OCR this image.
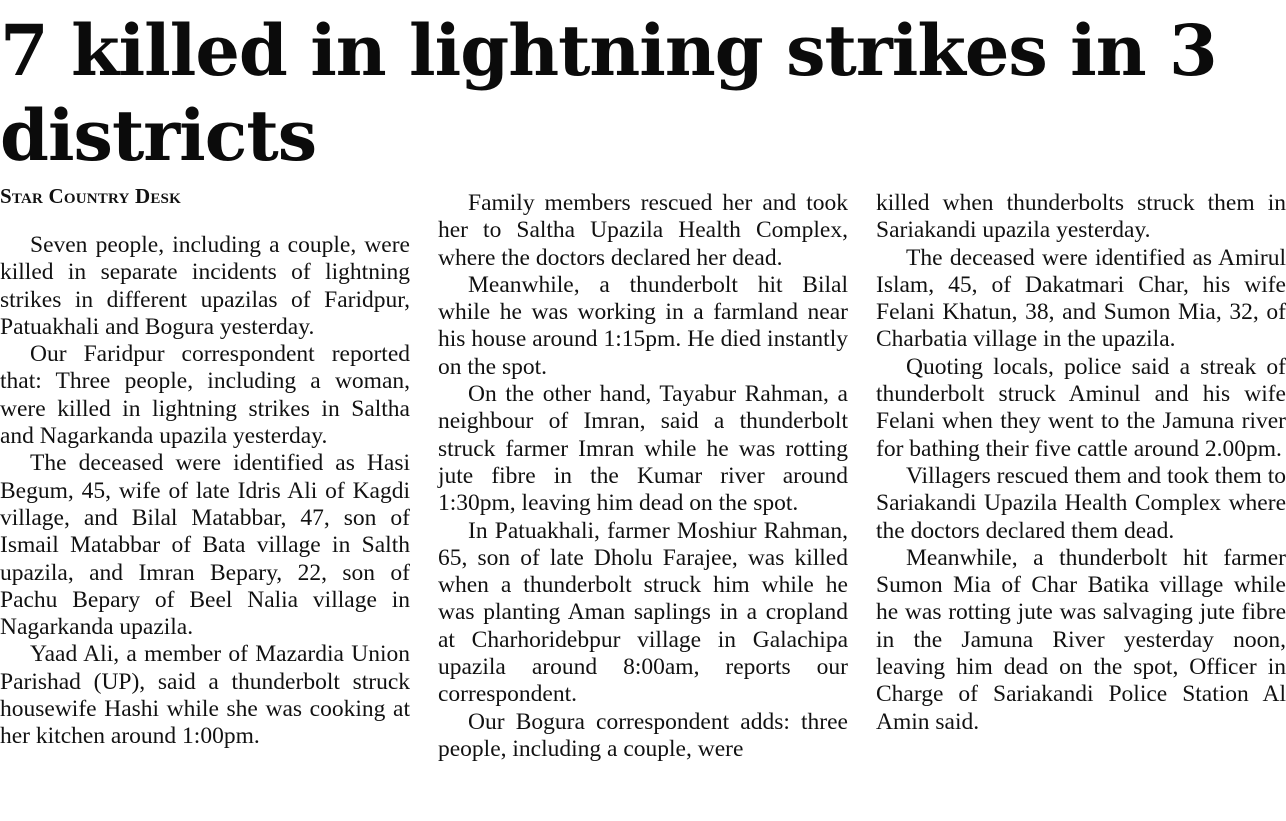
7 killed in lightning strikes in 3 districts
Star Country Desk

Seven people, including a couple, were killed in separate incidents of lightning strikes in different upazilas of Faridpur, Patuakhali and Bogura yesterday.

Our Faridpur correspondent reported that: Three people, including a woman, were killed in lightning strikes in Saltha and Nagarkanda upazila yesterday.

The deceased were identified as Hasi Begum, 45, wife of late Idris Ali of Kagdi village, and Bilal Matabbar, 47, son of Ismail Matabbar of Bata village in Salth upazila, and Imran Bepary, 22, son of Pachu Bepary of Beel Nalia village in Nagarkanda upazila.

Yaad Ali, a member of Mazardia Union Parishad (UP), said a thunderbolt struck housewife Hashi while she was cooking at her kitchen around 1:00pm.

Family members rescued her and took her to Saltha Upazila Health Complex, where the doctors declared her dead.

Meanwhile, a thunderbolt hit Bilal while he was working in a farmland near his house around 1:15pm. He died instantly on the spot.

On the other hand, Tayabur Rahman, a neighbour of Imran, said a thunderbolt struck farmer Imran while he was rotting jute fibre in the Kumar river around 1:30pm, leaving him dead on the spot.

In Patuakhali, farmer Moshiur Rahman, 65, son of late Dholu Farajee, was killed when a thunderbolt struck him while he was planting Aman saplings in a cropland at Charhoridebpur village in Galachipa upazila around 8:00am, reports our correspondent.

Our Bogura correspondent adds: three people, including a couple, were

killed when thunderbolts struck them in Sariakandi upazila yesterday.

The deceased were identified as Amirul Islam, 45, of Dakatmari Char, his wife Felani Khatun, 38, and Sumon Mia, 32, of Charbatia village in the upazila.

Quoting locals, police said a streak of thunderbolt struck Aminul and his wife Felani when they went to the Jamuna river for bathing their five cattle around 2.00pm.

Villagers rescued them and took them to Sariakandi Upazila Health Complex where the doctors declared them dead.

Meanwhile, a thunderbolt hit farmer Sumon Mia of Char Batika village while he was rotting jute was salvaging jute fibre in the Jamuna River yesterday noon, leaving him dead on the spot, Officer in Charge of Sariakandi Police Station Al Amin said.
